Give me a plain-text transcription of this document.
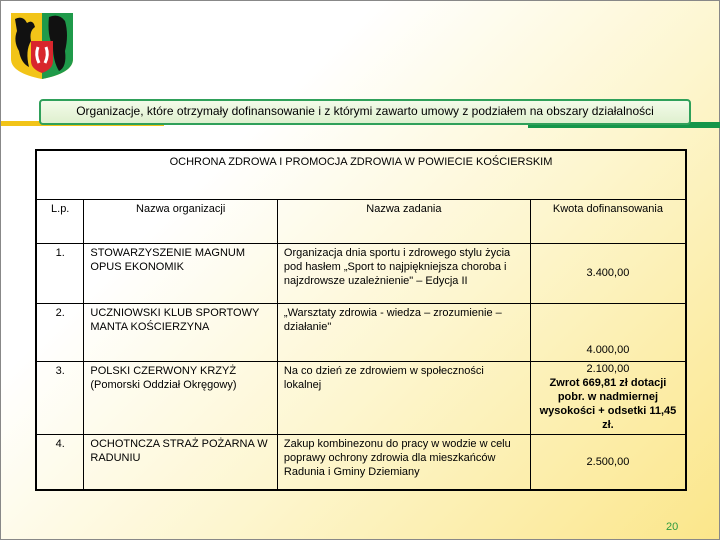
Organizacje, które otrzymały dofinansowanie i z którymi zawarto umowy z podziałem na obszary działalności
OCHRONA ZDROWA I PROMOCJA ZDROWIA W POWIECIE KOŚCIERSKIM			
L.p.	Nazwa organizacji	Nazwa zadania	Kwota dofinansowania
1.	STOWARZYSZENIE MAGNUM OPUS EKONOMIK	Organizacja dnia sportu i zdrowego stylu życia pod hasłem „Sport to najpiękniejsza choroba i najzdrowsze uzależnienie" – Edycja II	3.400,00
2.	UCZNIOWSKI KLUB SPORTOWY MANTA KOŚCIERZYNA	„Warsztaty zdrowia - wiedza – zrozumienie – działanie"	4.000,00
3.	POLSKI CZERWONY KRZYŻ (Pomorski Oddział Okręgowy)	Na co dzień ze zdrowiem w społeczności lokalnej	2.100,00
Zwrot 669,81 zł dotacji pobr. w nadmiernej wysokości + odsetki 11,45 zł.

4.	OCHOTNCZA STRAŻ POŻARNA W RADUNIU	Zakup kombinezonu do pracy w wodzie w celu poprawy ochrony zdrowia dla mieszkańców Radunia i Gminy Dziemiany	2.500,00
20
